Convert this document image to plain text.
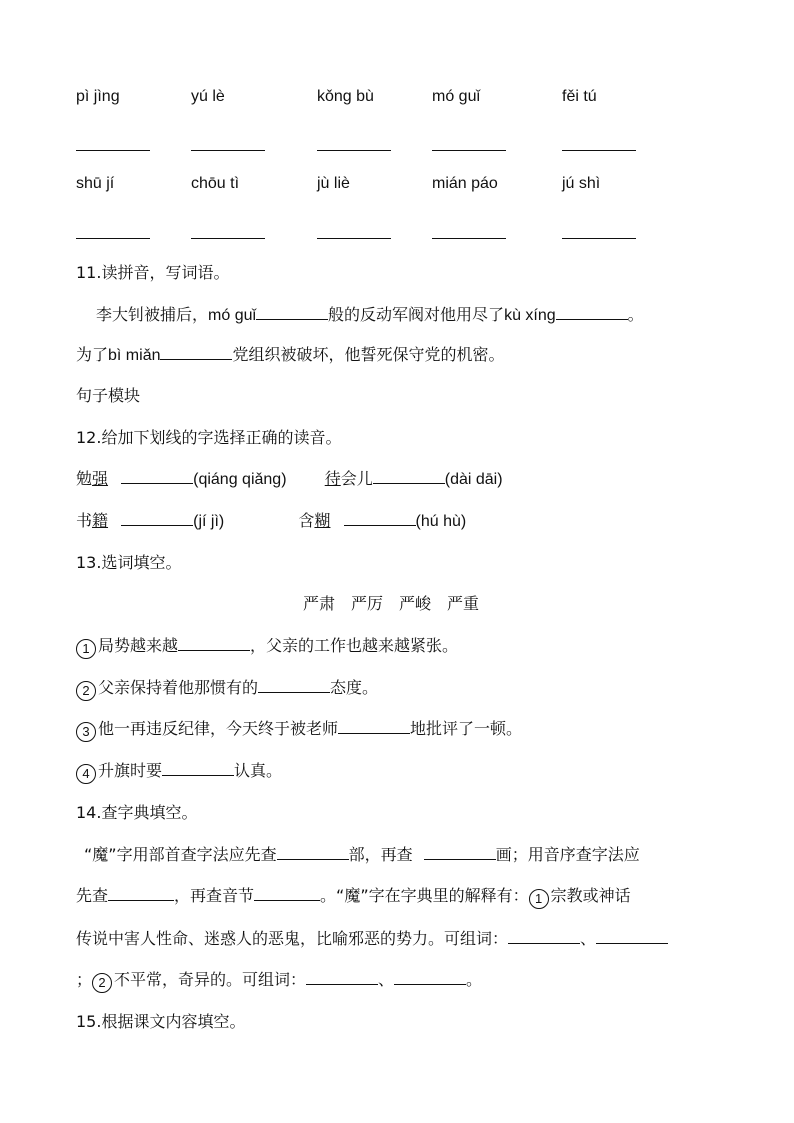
pì jìng	yú lè	kǒng bù	mó guǐ	fěi tú
shū jí	chōu tì	jù liè	mián páo	jú shì
11.读拼音，写词语。
李大钊被捕后，mó guǐ	般的反动军阀对他用尽了kù xíng	。
为了bì miǎn	党组织被破坏，他誓死保守党的机密。
句子模块
12.给加下划线的字选择正确的读音。
勉强	(qiáng qiǎng) 待会儿	(dài dāi)
书籍	(jí jì)	含糊	(hú hù)
13.选词填空。
严肃 严厉 严峻 严重
1 局势越来越	，父亲的工作也越来越紧张。
2 父亲保持着他那惯有的	态度。
3 他一再违反纪律，今天终于被老师	地批评了一顿。
4 升旗时要	认真。
14.查字典填空。
“魔”字用部首查字法应先查	部，再查	画；用音序查字法应
先查	，再查音节	。“魔”字在字典里的解释有： 1 宗教或神话
传说中害人性命、迷惑人的恶鬼，比喻邪恶的势力。可组词：	、
； 2 不平常，奇异的。可组词：	、	。
15.根据课文内容填空。
